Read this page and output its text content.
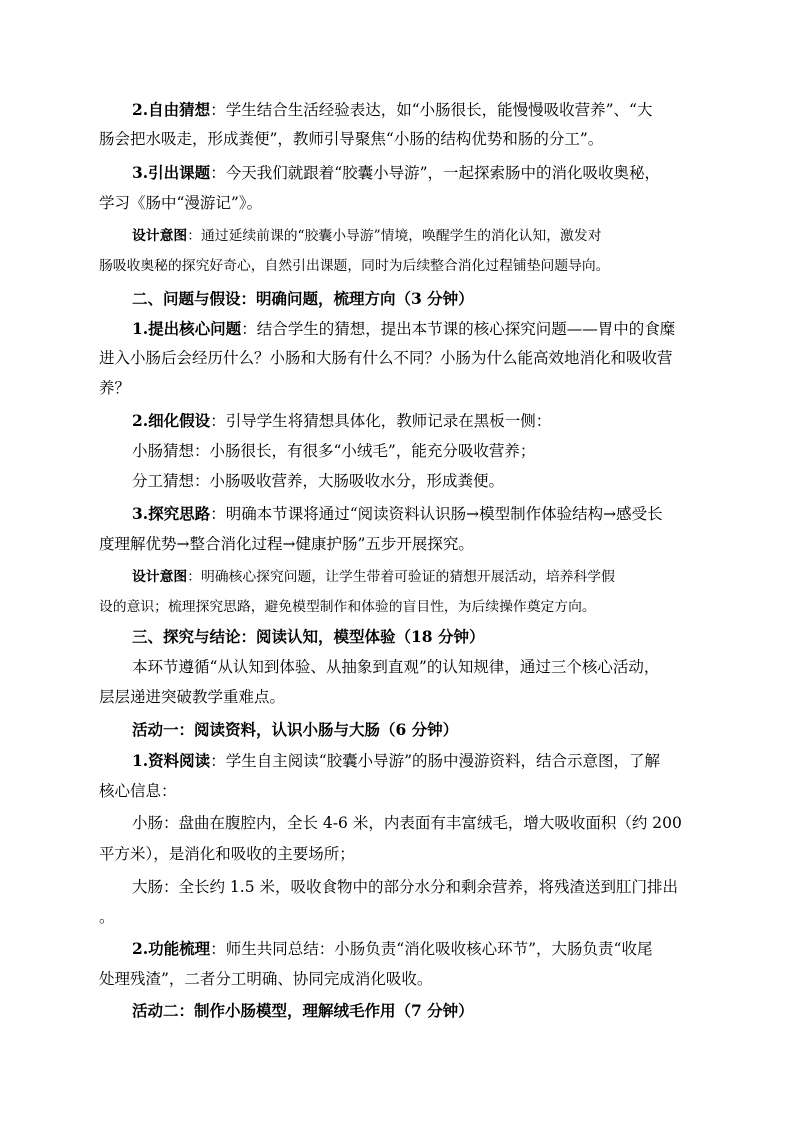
2.自由猜想：学生结合生活经验表达，如“小肠很长，能慢慢吸收营养”、“大

肠会把水吸走，形成粪便”，教师引导聚焦“小肠的结构优势和肠的分工”。

3.引出课题：今天我们就跟着“胶囊小导游”，一起探索肠中的消化吸收奥秘，

学习《肠中“漫游记”》。

设计意图：通过延续前课的“胶囊小导游”情境，唤醒学生的消化认知，激发对

肠吸收奥秘的探究好奇心，自然引出课题，同时为后续整合消化过程铺垫问题导向。

二、问题与假设：明确问题，梳理方向（3 分钟）

1.提出核心问题：结合学生的猜想，提出本节课的核心探究问题——胃中的食糜

进入小肠后会经历什么？小肠和大肠有什么不同？小肠为什么能高效地消化和吸收营

养？

2.细化假设：引导学生将猜想具体化，教师记录在黑板一侧：

小肠猜想：小肠很长，有很多“小绒毛”，能充分吸收营养；

分工猜想：小肠吸收营养，大肠吸收水分，形成粪便。

3.探究思路：明确本节课将通过“阅读资料认识肠→模型制作体验结构→感受长

度理解优势→整合消化过程→健康护肠”五步开展探究。

设计意图：明确核心探究问题，让学生带着可验证的猜想开展活动，培养科学假

设的意识；梳理探究思路，避免模型制作和体验的盲目性，为后续操作奠定方向。

三、探究与结论：阅读认知，模型体验（18 分钟）

本环节遵循“从认知到体验、从抽象到直观”的认知规律，通过三个核心活动，

层层递进突破教学重难点。

活动一：阅读资料，认识小肠与大肠（6 分钟）

1.资料阅读：学生自主阅读“胶囊小导游”的肠中漫游资料，结合示意图，了解

核心信息：

小肠：盘曲在腹腔内，全长 4-6 米，内表面有丰富绒毛，增大吸收面积（约 200

平方米），是消化和吸收的主要场所；

大肠：全长约 1.5 米，吸收食物中的部分水分和剩余营养，将残渣送到肛门排出

。

2.功能梳理：师生共同总结：小肠负责“消化吸收核心环节”，大肠负责“收尾

处理残渣”，二者分工明确、协同完成消化吸收。

活动二：制作小肠模型，理解绒毛作用（7 分钟）
